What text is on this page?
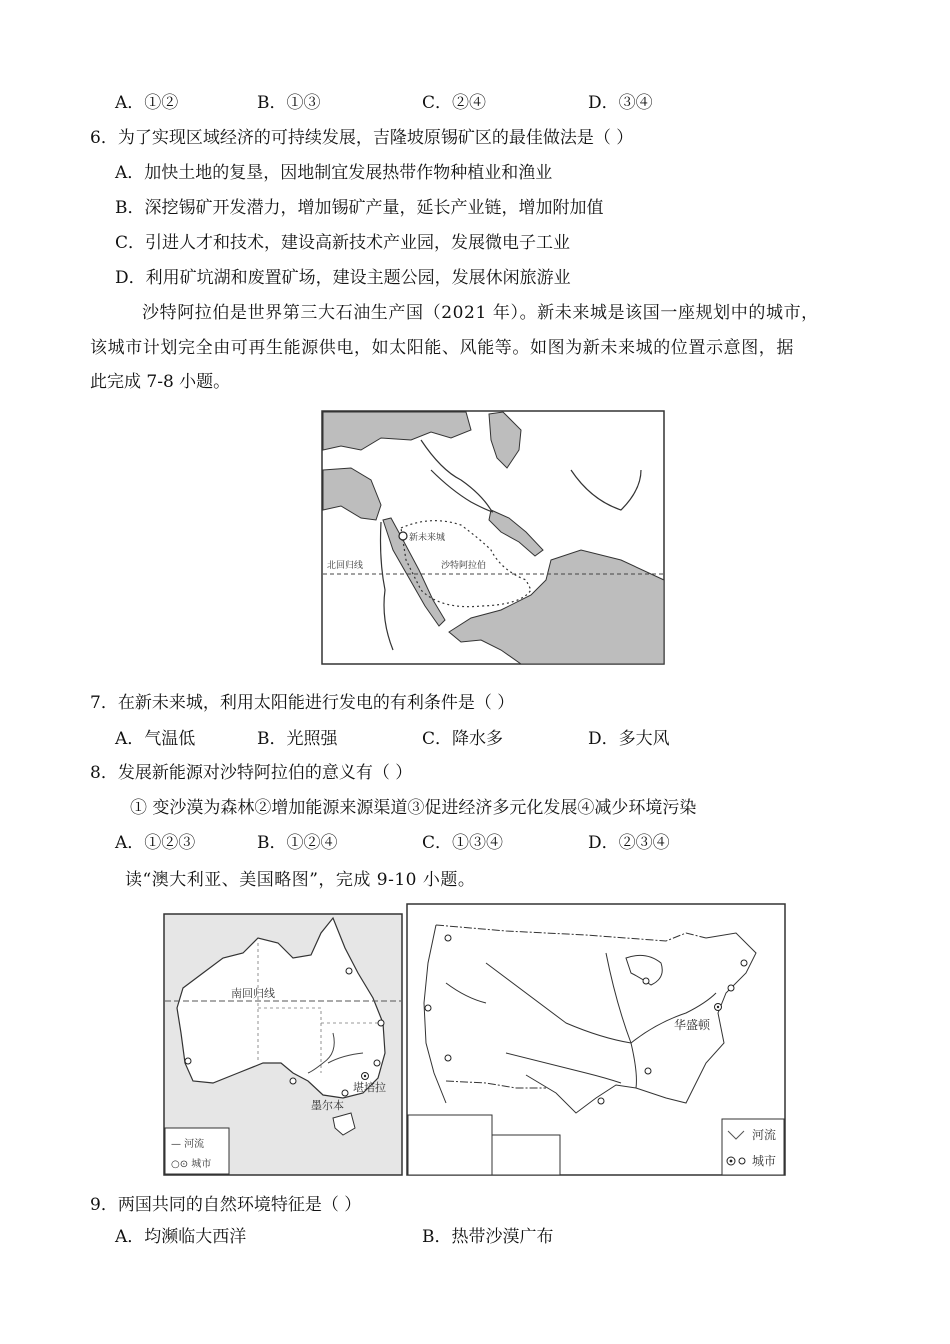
A．①②	B．①③	C．②④	D．③④
6．为了实现区域经济的可持续发展，吉隆坡原锡矿区的最佳做法是（ ）
A．加快土地的复垦，因地制宜发展热带作物种植业和渔业
B．深挖锡矿开发潜力，增加锡矿产量，延长产业链，增加附加值
C．引进人才和技术，建设高新技术产业园，发展微电子工业
D．利用矿坑湖和废置矿场，建设主题公园，发展休闲旅游业
沙特阿拉伯是世界第三大石油生产国（2021 年）。新未来城是该国一座规划中的城市，
该城市计划完全由可再生能源供电，如太阳能、风能等。如图为新未来城的位置示意图，据
此完成 7-8 小题。
新未来城
北回归线	沙特阿拉伯
7．在新未来城，利用太阳能进行发电的有利条件是（ ）
A．气温低	B．光照强	C．降水多	D．多大风
8．发展新能源对沙特阿拉伯的意义有（ ）
① 变沙漠为森林②增加能源来源渠道③促进经济多元化发展④减少环境污染
A．①②③	B．①②④	C．①③④	D．②③④
读“澳大利亚、美国略图”，完成 9-10 小题。
南回归线
堪培拉
墨尔本
— 河流
○⊙ 城市
华盛顿
河流
城市
9．两国共同的自然环境特征是（ ）
A．均濒临大西洋	B．热带沙漠广布
